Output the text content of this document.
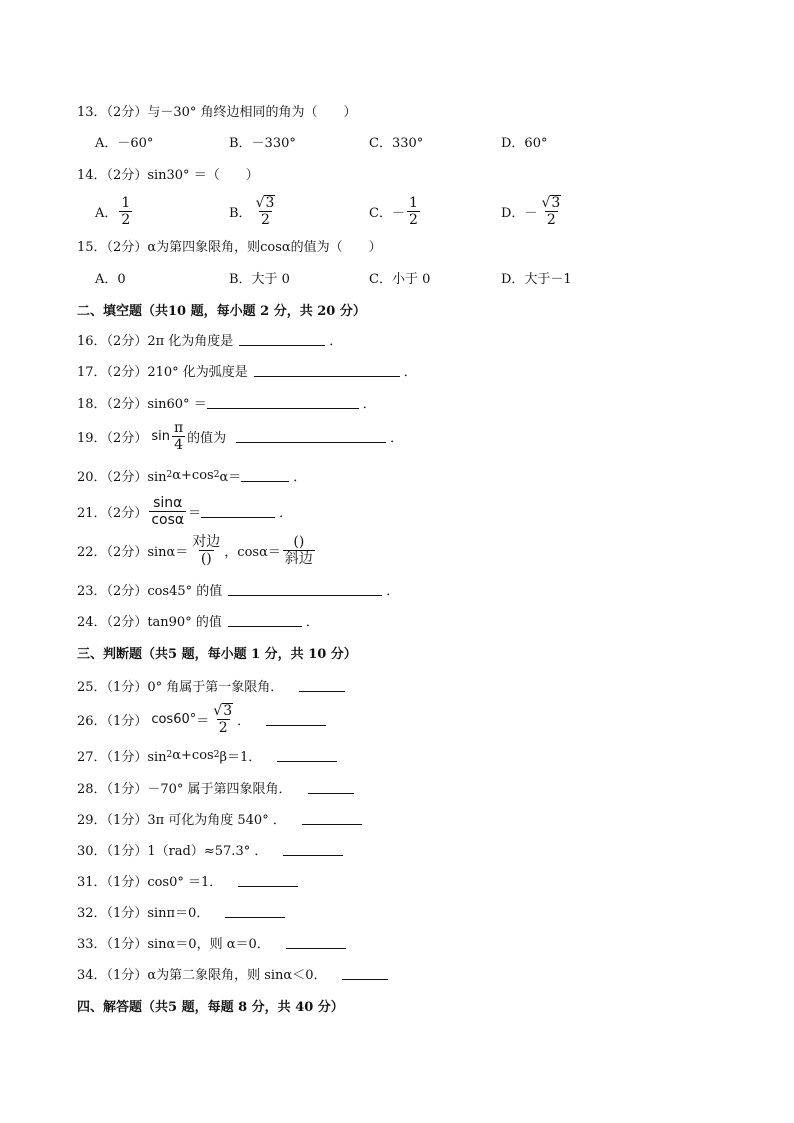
13．（2分）与－30° 角终边相同的角为（　　）
A．－60°	B．－330°	C．330°	D．60°
14．（2分）sin30° ＝（　　）
A． $\frac{1}{2}$	B． $\frac{√ 3}{2}$	C． － $\frac{1}{2}$	D． － $\frac{√ 3}{2}$
15．（2分）α为第四象限角，则cosα的值为（　　）
A．0	B．大于 0	C．小于 0	D．大于－1
二、填空题（共10 题，每小题 2 分，共 20 分）
16．（2分）2π 化为角度是	．
17．（2分）210° 化为弧度是	．
18．（2分）sin60° ＝	．
19．（2分） $\sin \frac{\pi}{4}$ 的值为	．
20．（2分）sin 2 α+cos 2 α＝	．
21．（2分） $\frac{\sin\alpha}{\cos\alpha}$ ＝	．
22．（2分）$\sin\alpha= \frac{\text{对边}}{()}$ ，$\cos\alpha= \frac{()}{\text{斜边}}$
23．（2分）cos45° 的值	．
24．（2分）tan90° 的值	．
三、判断题（共5 题，每小题 1 分，共 10 分）
25．（1分）0° 角属于第一象限角．
26．（1分） $\cos 60^\circ = \frac{√ 3}{2}$ ．
27．（1分）sin 2 α+cos 2 β＝1．
28．（1分）－70° 属于第四象限角．
29．（1分）3π 可化为角度 540° ．
30．（1分）1（rad）≈57.3° ．
31．（1分）cos0° ＝1．
32．（1分）sinπ＝0．
33．（1分）sinα＝0，则 α＝0．
34．（1分）α为第二象限角，则 sinα＜0．
四、解答题（共5 题，每题 8 分，共 40 分）
